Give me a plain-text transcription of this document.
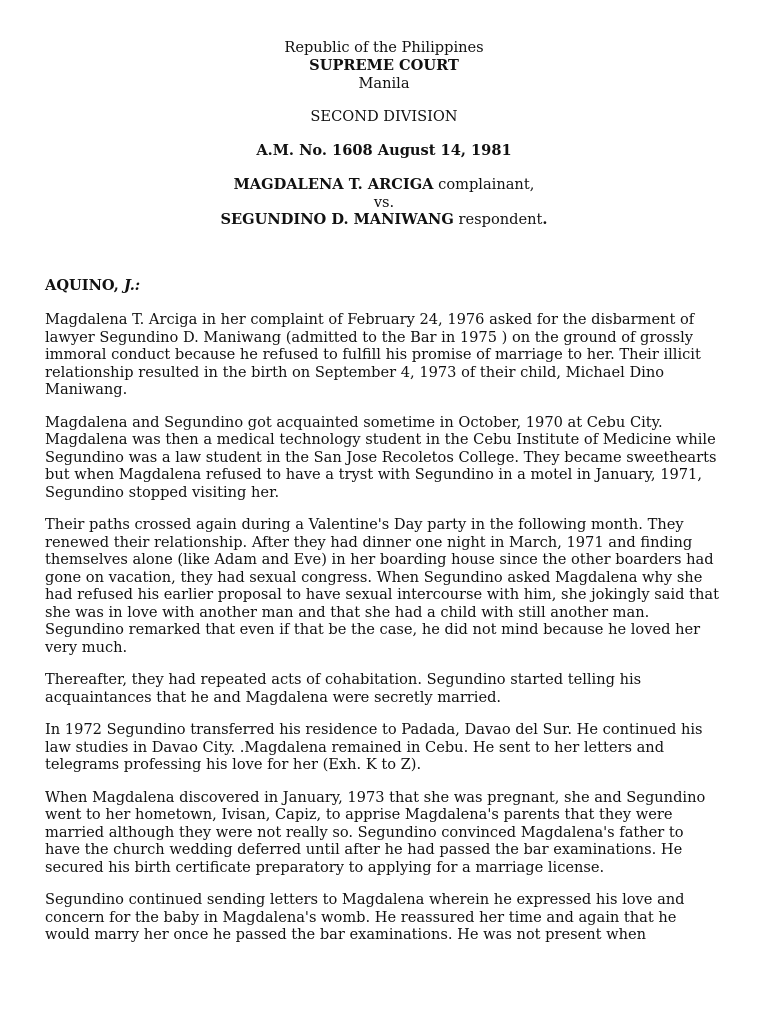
Republic of the Philippines
SUPREME COURT
Manila
SECOND DIVISION
A.M. No. 1608 August 14, 1981
MAGDALENA T. ARCIGA complainant,
vs.
SEGUNDINO D. MANIWANG respondent.
AQUINO, J.:
Magdalena T. Arciga in her complaint of February 24, 1976 asked for the disbarment of
lawyer Segundino D. Maniwang (admitted to the Bar in 1975 ) on the ground of grossly
immoral conduct because he refused to fulfill his promise of marriage to her. Their illicit
relationship resulted in the birth on September 4, 1973 of their child, Michael Dino
Maniwang.
Magdalena and Segundino got acquainted sometime in October, 1970 at Cebu City.
Magdalena was then a medical technology student in the Cebu Institute of Medicine while
Segundino was a law student in the San Jose Recoletos College. They became sweethearts
but when Magdalena refused to have a tryst with Segundino in a motel in January, 1971,
Segundino stopped visiting her.
Their paths crossed again during a Valentine's Day party in the following month. They
renewed their relationship. After they had dinner one night in March, 1971 and finding
themselves alone (like Adam and Eve) in her boarding house since the other boarders had
gone on vacation, they had sexual congress. When Segundino asked Magdalena why she
had refused his earlier proposal to have sexual intercourse with him, she jokingly said that
she was in love with another man and that she had a child with still another man.
Segundino remarked that even if that be the case, he did not mind because he loved her
very much.
Thereafter, they had repeated acts of cohabitation. Segundino started telling his
acquaintances that he and Magdalena were secretly married.
In 1972 Segundino transferred his residence to Padada, Davao del Sur. He continued his
law studies in Davao City. .Magdalena remained in Cebu. He sent to her letters and
telegrams professing his love for her (Exh. K to Z).
When Magdalena discovered in January, 1973 that she was pregnant, she and Segundino
went to her hometown, Ivisan, Capiz, to apprise Magdalena's parents that they were
married although they were not really so. Segundino convinced Magdalena's father to
have the church wedding deferred until after he had passed the bar examinations. He
secured his birth certificate preparatory to applying for a marriage license.
Segundino continued sending letters to Magdalena wherein he expressed his love and
concern for the baby in Magdalena's womb. He reassured her time and again that he
would marry her once he passed the bar examinations. He was not present when
